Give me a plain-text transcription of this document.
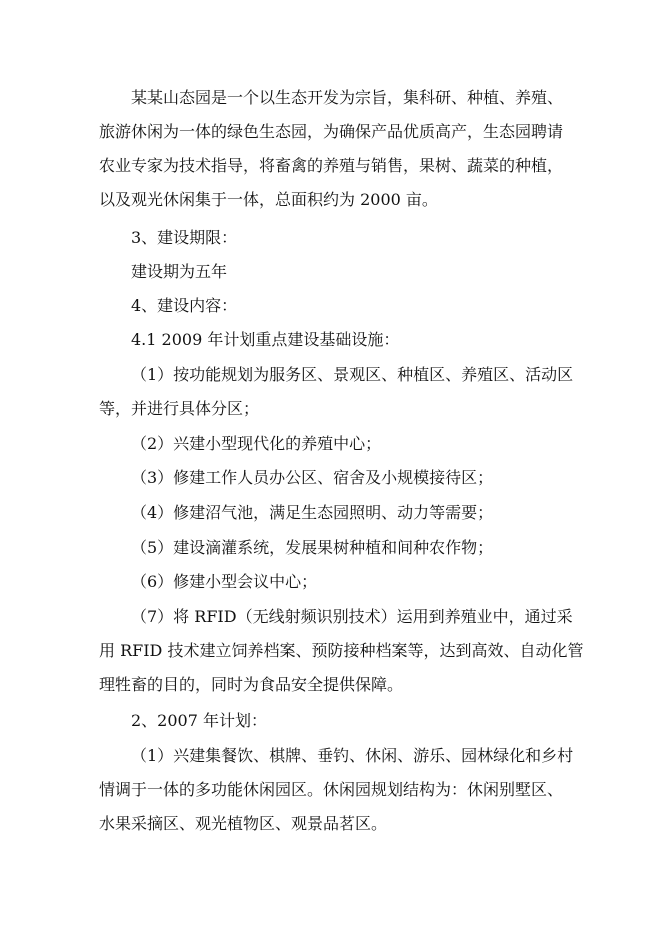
某某山态园是一个以生态开发为宗旨，集科研、种植、养殖、
旅游休闲为一体的绿色生态园，为确保产品优质高产，生态园聘请
农业专家为技术指导，将畜禽的养殖与销售，果树、蔬菜的种植，
以及观光休闲集于一体，总面积约为 2000 亩。
3、建设期限：
建设期为五年
4、建设内容：
4.1 2009 年计划重点建设基础设施：
（1）按功能规划为服务区、景观区、种植区、养殖区、活动区
等，并进行具体分区；
（2）兴建小型现代化的养殖中心；
（3）修建工作人员办公区、宿舍及小规模接待区；
（4）修建沼气池，满足生态园照明、动力等需要；
（5）建设滴灌系统，发展果树种植和间种农作物；
（6）修建小型会议中心；
（7）将 RFID（无线射频识别技术）运用到养殖业中，通过采
用 RFID 技术建立饲养档案、预防接种档案等，达到高效、自动化管
理牲畜的目的，同时为食品安全提供保障。
2、2007 年计划：
（1）兴建集餐饮、棋牌、垂钓、休闲、游乐、园林绿化和乡村
情调于一体的多功能休闲园区。休闲园规划结构为：休闲别墅区、
水果采摘区、观光植物区、观景品茗区。
